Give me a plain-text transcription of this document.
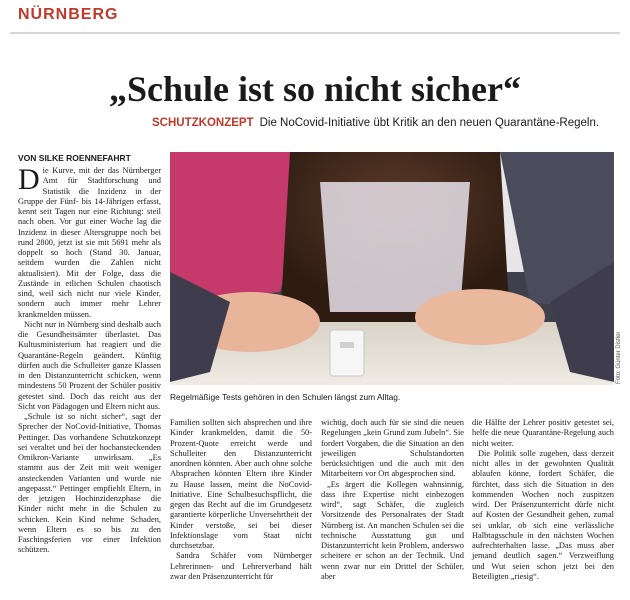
NÜRNBERG
„Schule ist so nicht sicher“
SCHUTZKONZEPT Die NoCovid-Initiative übt Kritik an den neuen Quarantäne-Regeln.
VON SILKE ROENNEFAHRT

Die Kurve, mit der das Nürnberger Amt für Stadtforschung und Statistik die Inzidenz in der Gruppe der Fünf- bis 14-Jährigen erfasst, kennt seit Tagen nur eine Richtung: steil nach oben. Vor gut einer Woche lag die Inzidenz in dieser Altersgruppe noch bei rund 2800, jetzt ist sie mit 5691 mehr als doppelt so hoch (Stand 30. Januar, seitdem wurden die Zahlen nicht aktualisiert). Mit der Folge, dass die Zustände in etlichen Schulen chaotisch sind, weil sich nicht nur viele Kinder, sondern auch immer mehr Lehrer krankmelden müssen.

Nicht nur in Nürnberg sind deshalb auch die Gesundheitsämter überlastet. Das Kultusministerium hat reagiert und die Quarantäne-Regeln geändert. Künftig dürfen auch die Schulleiter ganze Klassen in den Distanzunterricht schicken, wenn mindestens 50 Prozent der Schüler positiv getestet sind. Doch das reicht aus der Sicht von Pädagogen und Eltern nicht aus.

„Schule ist so nicht sicher“, sagt der Sprecher der NoCovid-Initiative, Thomas Pettinger. Das vorhandene Schutzkonzept sei veraltet und bei der hochansteckenden Omikron-Variante unwirksam. „Es stammt aus der Zeit mit weit weniger ansteckenden Varianten und wurde nie angepasst.“ Pettinger empfiehlt Eltern, in der jetzigen Hochinzidenzphase die Kinder nicht mehr in die Schulen zu schicken. Kein Kind nehme Schaden, wenn Eltern es so bis zu den Faschingsferien vor einer Infektion schützen.

Foto: Günter Distler
Regelmäßige Tests gehören in den Schulen längst zum Alltag.

Familien sollten sich absprechen und ihre Kinder krankmelden, damit die 50-Prozent-Quote erreicht werde und Schulleiter den Distanzunterricht anordnen könnten. Aber auch ohne solche Absprachen könnten Eltern ihre Kinder zu Hause lassen, meint die NoCovid-Initiative. Eine Schulbesuchspflicht, die gegen das Recht auf die im Grundgesetz garantierte körperliche Unversehrtheit der Kinder verstoße, sei bei dieser Infektionslage vom Staat nicht durchsetzbar.

Sandra Schäfer vom Nürnberger Lehrerinnen- und Lehrerverband hält zwar den Präsenzunterricht für

wichtig, doch auch für sie sind die neuen Regelungen „kein Grund zum Jubeln“. Sie fordert Vorgaben, die die Situation an den jeweiligen Schulstandorten berücksichtigen und die auch mit den Mitarbeitern vor Ort abgesprochen sind.

„Es ärgert die Kollegen wahnsinnig, dass ihre Expertise nicht einbezogen wird“, sagt Schäfer, die zugleich Vorsitzende des Personalrates der Stadt Nürnberg ist. An manchen Schulen sei die technische Ausstattung gut und Distanzunterricht kein Problem, anderswo scheitere er schon an der Technik. Und wenn zwar nur ein Drittel der Schüler, aber

die Hälfte der Lehrer positiv getestet sei, helfe die neue Quarantäne-Regelung auch nicht weiter.

Die Politik solle zugeben, dass derzeit nicht alles in der gewohnten Qualität ablaufen könne, fordert Schäfer, die fürchtet, dass sich die Situation in den kommenden Wochen noch zuspitzen wird. Der Präsenzunterricht dürfe nicht auf Kosten der Gesundheit gehen, zumal sei unklar, ob sich eine verlässliche Halbtagsschule in den nächsten Wochen aufrechterhalten lasse. „Das muss aber jemand deutlich sagen.“ Verzweiflung und Wut seien schon jetzt bei den Beteiligten „riesig“.
